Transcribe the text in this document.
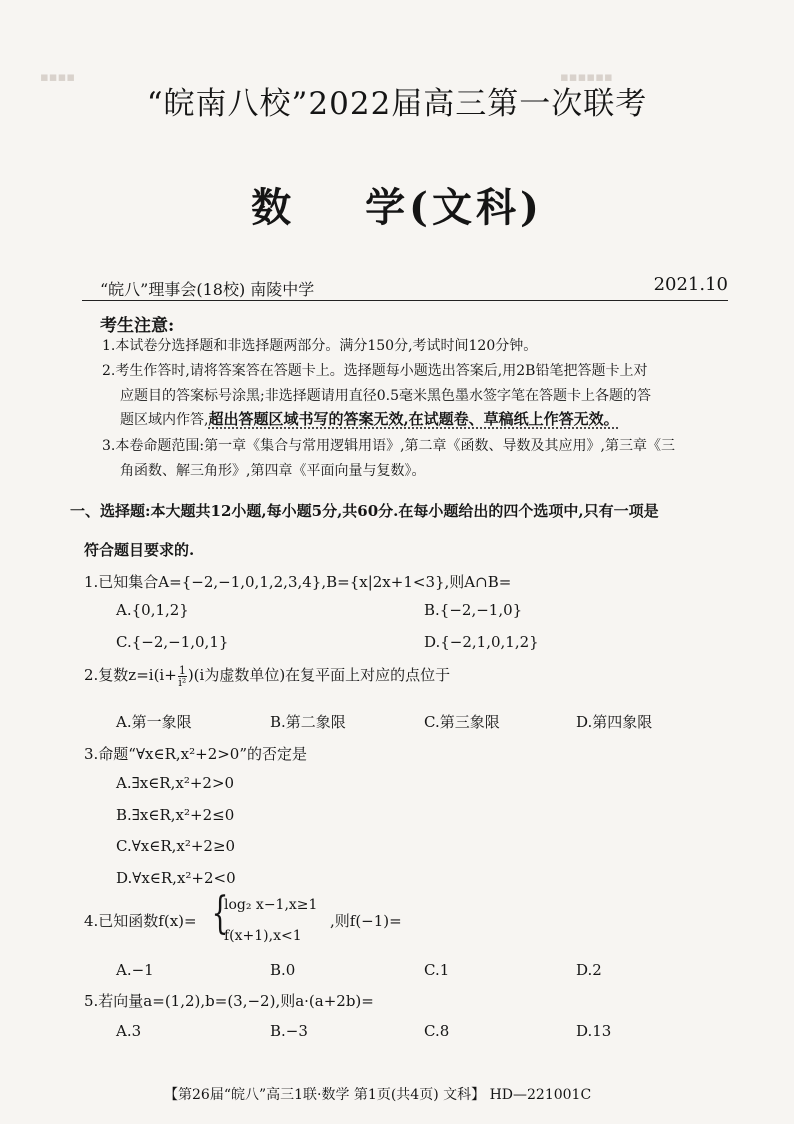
▪▪▪▪▪▪
▪▪▪▪
“皖南八校”2022届高三第一次联考
数 学(文科)
“皖八”理事会(18校) 南陵中学	2021.10
考生注意:
1.本试卷分选择题和非选择题两部分。满分150分,考试时间120分钟。
2.考生作答时,请将答案答在答题卡上。选择题每小题选出答案后,用2B铅笔把答题卡上对
应题目的答案标号涂黑;非选择题请用直径0.5毫米黑色墨水签字笔在答题卡上各题的答
题区域内作答,超出答题区域书写的答案无效,在试题卷、草稿纸上作答无效。
3.本卷命题范围:第一章《集合与常用逻辑用语》,第二章《函数、导数及其应用》,第三章《三
角函数、解三角形》,第四章《平面向量与复数》。
一、选择题:本大题共12小题,每小题5分,共60分.在每小题给出的四个选项中,只有一项是
符合题目要求的.
1.已知集合A={−2,−1,0,1,2,3,4},B={x|2x+1<3},则A∩B=
A.{0,1,2}	B.{−2,−1,0}
C.{−2,−1,0,1}	D.{−2,1,0,1,2}
2.复数$z=i(i+ \frac{1}{\text{i²}} )(i$为虚数单位)在复平面上对应的点位于
A.第一象限	B.第二象限	C.第三象限	D.第四象限
3.命题“∀x∈R,x²+2>0”的否定是
A.∃x∈R,x²+2>0
B.∃x∈R,x²+2≤0
C.∀x∈R,x²+2≥0
D.∀x∈R,x²+2<0
4.已知函数f(x)= {
log₂ x−1,x≥1
f(x+1),x<1
,则f(−1)=
A.−1	B.0	C.1	D.2
5.若向量a=(1,2),b=(3,−2),则a·(a+2b)=
A.3	B.−3	C.8	D.13
【第26届“皖八”高三1联·数学 第1页(共4页) 文科】 HD—221001C
